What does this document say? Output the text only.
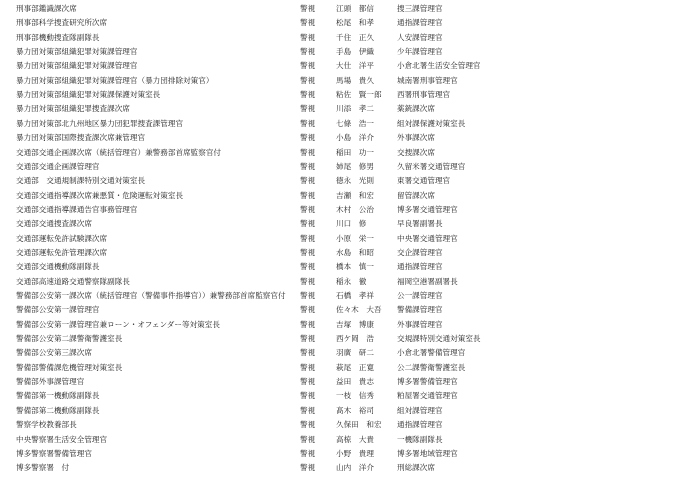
刑事部鑑識課次席	警視	江頭　都信	捜三課管理官
刑事部科学捜査研究所次席	警視	松尾　和孝	通指課管理官
刑事部機動捜査隊副隊長	警視	千住　正久	人安課管理官
暴力団対策部組織犯罪対策課管理官	警視	手島　伊織	少年課管理官
暴力団対策部組織犯罪対策課管理官	警視	大仕　洋平	小倉北署生活安全管理官
暴力団対策部組織犯罪対策課管理官（暴力団排除対策官）	警視	馬場　貴久	城南署刑事管理官
暴力団対策部組織犯罪対策課保護対策室長	警視	粘佐　賢一郎	西署刑事管理官
暴力団対策部組織犯罪捜査課次席	警視	川添　孝二	薬銃課次席
暴力団対策部北九州地区暴力団犯罪捜査課管理官	警視	七條　浩一	組対課保護対策室長
暴力団対策部国際捜査課次席兼管理官	警視	小島　洋介	外事課次席
交通部交通企画課次席（統括管理官）兼警務部首席監察官付	警視	稲田　功一	交捜課次席
交通部交通企画課管理官	警視	姉尾　修男	久留米署交通管理官
交通部　交通規制課特別交通対策室長	警視	徳永　光則	東署交通管理官
交通部交通指導課次席兼悪質・危険運転対策室長	警視	吉瀬　和宏	留管課次席
交通部交通指導課通告官事務管理官	警視	木村　公治	博多署交通管理官
交通部交通捜査課次席	警視	川口　修	早良署副署長
交通部運転免許試験課次席	警視	小原　栄一	中央署交通管理官
交通部運転免許管理課次席	警視	水島　和昭	交企課管理官
交通部交通機動隊副隊長	警視	橋本　慎一	通指課管理官
交通部高速道路交通警察隊副隊長	警視	稲永　徹	福岡空港署副署長
警備部公安第一課次席（統括管理官（警備事件指導官））兼警務部首席監察官付 警視	石橋　孝祥	公一課管理官
警備部公安第一課管理官	警視	佐々木　大吾	警備課管理官
警備部公安第一課管理官兼ローン・オフェンダー等対策室長	警視	吉塚　博康	外事課管理官
警備部公安第二課警衛警護室長	警視	西ケ岡　浩	交規課特別交通対策室長
警備部公安第三課次席	警視	羽廣　研二	小倉北署警備管理官
警備部警備課危機管理対策室長	警視	萩尾　正寛	公二課警衛警護室長
警備部外事課管理官	警視	益田　貴志	博多署警備管理官
警備部第一機動隊副隊長	警視	一枝　信秀	粕屋署交通管理官
警備部第二機動隊副隊長	警視	髙木　裕司	組対課管理官
警察学校教養部長	警視	久保田　和宏	通指課管理官
中央警察署生活安全管理官	警視	高椋　大貴	一機隊副隊長
博多警察署警備管理官	警視	小野　貴理	博多署地域管理官
博多警察署　付	警視	山内　洋介	刑総課次席
